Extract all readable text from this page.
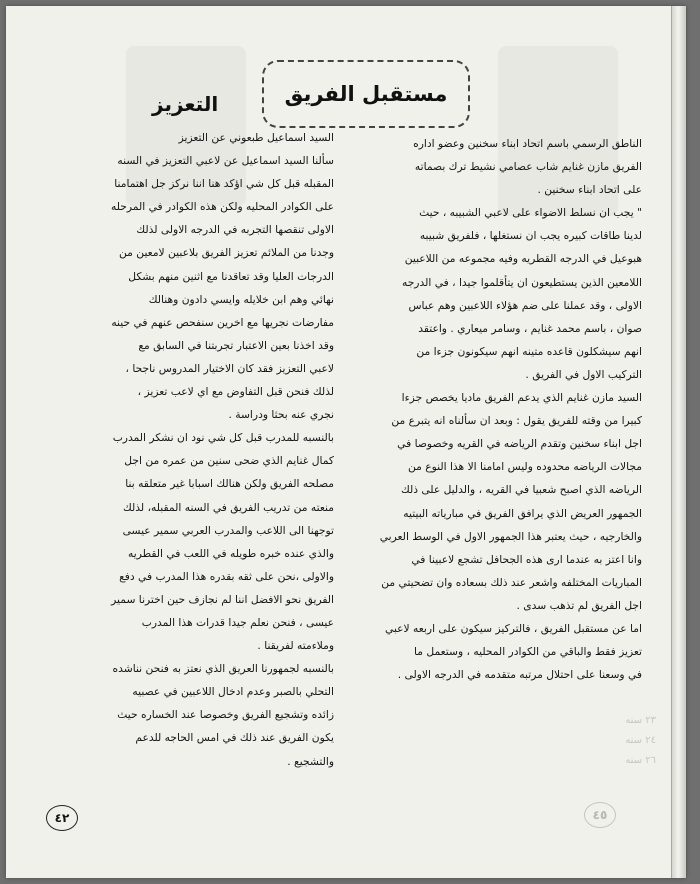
مستقبل الفريق
التعزيز

الناطق الرسمي باسم اتحاد ابناء سخنين وعضو اداره

الفريق مازن غنايم شاب عصامي نشيط ترك بصماته

على اتحاد ابناء سخنين .

" يجب ان نسلط الاضواء على لاعبي الشبيبه ، حيث

لدينا طاقات كبيره يجب ان نستغلها ، فلفريق شبيبه

هبوعيل في الدرجه القطريه وفيه مجموعه من اللاعبين

اللامعين الذين يستطيعون ان يتأقلموا جيدا ، في الدرجه

الاولى ، وقد عملنا على ضم هؤلاء اللاعبين وهم عباس

صوان ، باسم محمد غنايم ، وسامر ميعاري . واعتقد

انهم سيشكلون قاعده متينه انهم سيكونون جزءا من

التركيب الاول في الفريق .

السيد مازن غنايم الذي يدعم الفريق ماديا يخصص جزءا

كبيرا من وقته للفريق يقول : وبعد ان سألناه انه يتبرع من

اجل ابناء سخنين وتقدم الرياضه في القريه وخصوصا في

مجالات الرياضه محدوده وليس امامنا الا هذا النوع من

الرياضه الذي اصبح شعبيا في القريه ، والدليل على ذلك

الجمهور العريض الذي يرافق الفريق في مبارياته البيتيه

والخارجيه ، حيث يعتبر هذا الجمهور الاول في الوسط العربي

وانا اعتز به عندما ارى هذه الجحافل تشجع لاعبينا في

المباريات المختلفه واشعر عند ذلك بسعاده وان تضحيتي من

اجل الفريق لم تذهب سدى .

اما عن مستقبل الفريق ، فالتركيز سيكون على اربعه لاعبي

تعزيز فقط والباقي من الكوادر المحليه ، وستعمل ما

في وسعنا على احتلال مرتبه متقدمه في الدرجه الاولى .

السيد اسماعيل طبعوني عن التعزيز

سألنا السيد اسماعيل عن لاعبي التعزيز في السنه

المقبله قبل كل شي اؤكد هنا اننا نركز جل اهتمامنا

على الكوادر المحليه ولكن هذه الكوادر في المرحله

الاولى تنقصها التجربه في الدرجه الاولى لذلك

وجدنا من الملائم تعزيز الفريق بلاعبين لامعين من

الدرجات العليا وقد تعاقدنا مع اثنين منهم بشكل

نهائي وهم ابن خلايله وايسي دادون وهنالك

مفارضات نجريها مع اخرين سنفحص عنهم في حينه

وقد اخذنا بعين الاعتبار تجربتنا في السابق مع

لاعبي التعزيز فقد كان الاختيار المدروس ناجحا ،

لذلك فنحن قبل التفاوض مع اي لاعب تعزيز ،

نجري عنه بحثا ودراسة .

بالنسبه للمدرب قبل كل شي نود ان نشكر المدرب

كمال غنايم الذي ضحى سنين من عمره من اجل

مصلحه الفريق ولكن هنالك اسبابا غير متعلقه بنا

منعته من تدريب الفريق في السنه المقبله، لذلك

توجهنا الى اللاعب والمدرب العربي سمير عيسى

والذي عنده خبره طويله في اللعب في القطريه

والاولى ،نحن على ثقه بقدره هذا المدرب في دفع

الفريق نحو الافضل اننا لم نجازف حين اخترنا سمير

عيسى ، فنحن نعلم جيدا قدرات هذا المدرب

وملاءمته لفريقنا .

بالنسبه لجمهورنا العريق الذي نعتز به فنحن نناشده

التحلي بالصبر وعدم ادخال اللاعبين في عصبيه

زائده وتشجيع الفريق وخصوصا عند الخساره حيث

يكون الفريق عند ذلك في امس الحاجه للدعم

والتشجيع .

٢٣ سنه
٢٤ سنه
٢٦ سنه
٤٢	٤٥
